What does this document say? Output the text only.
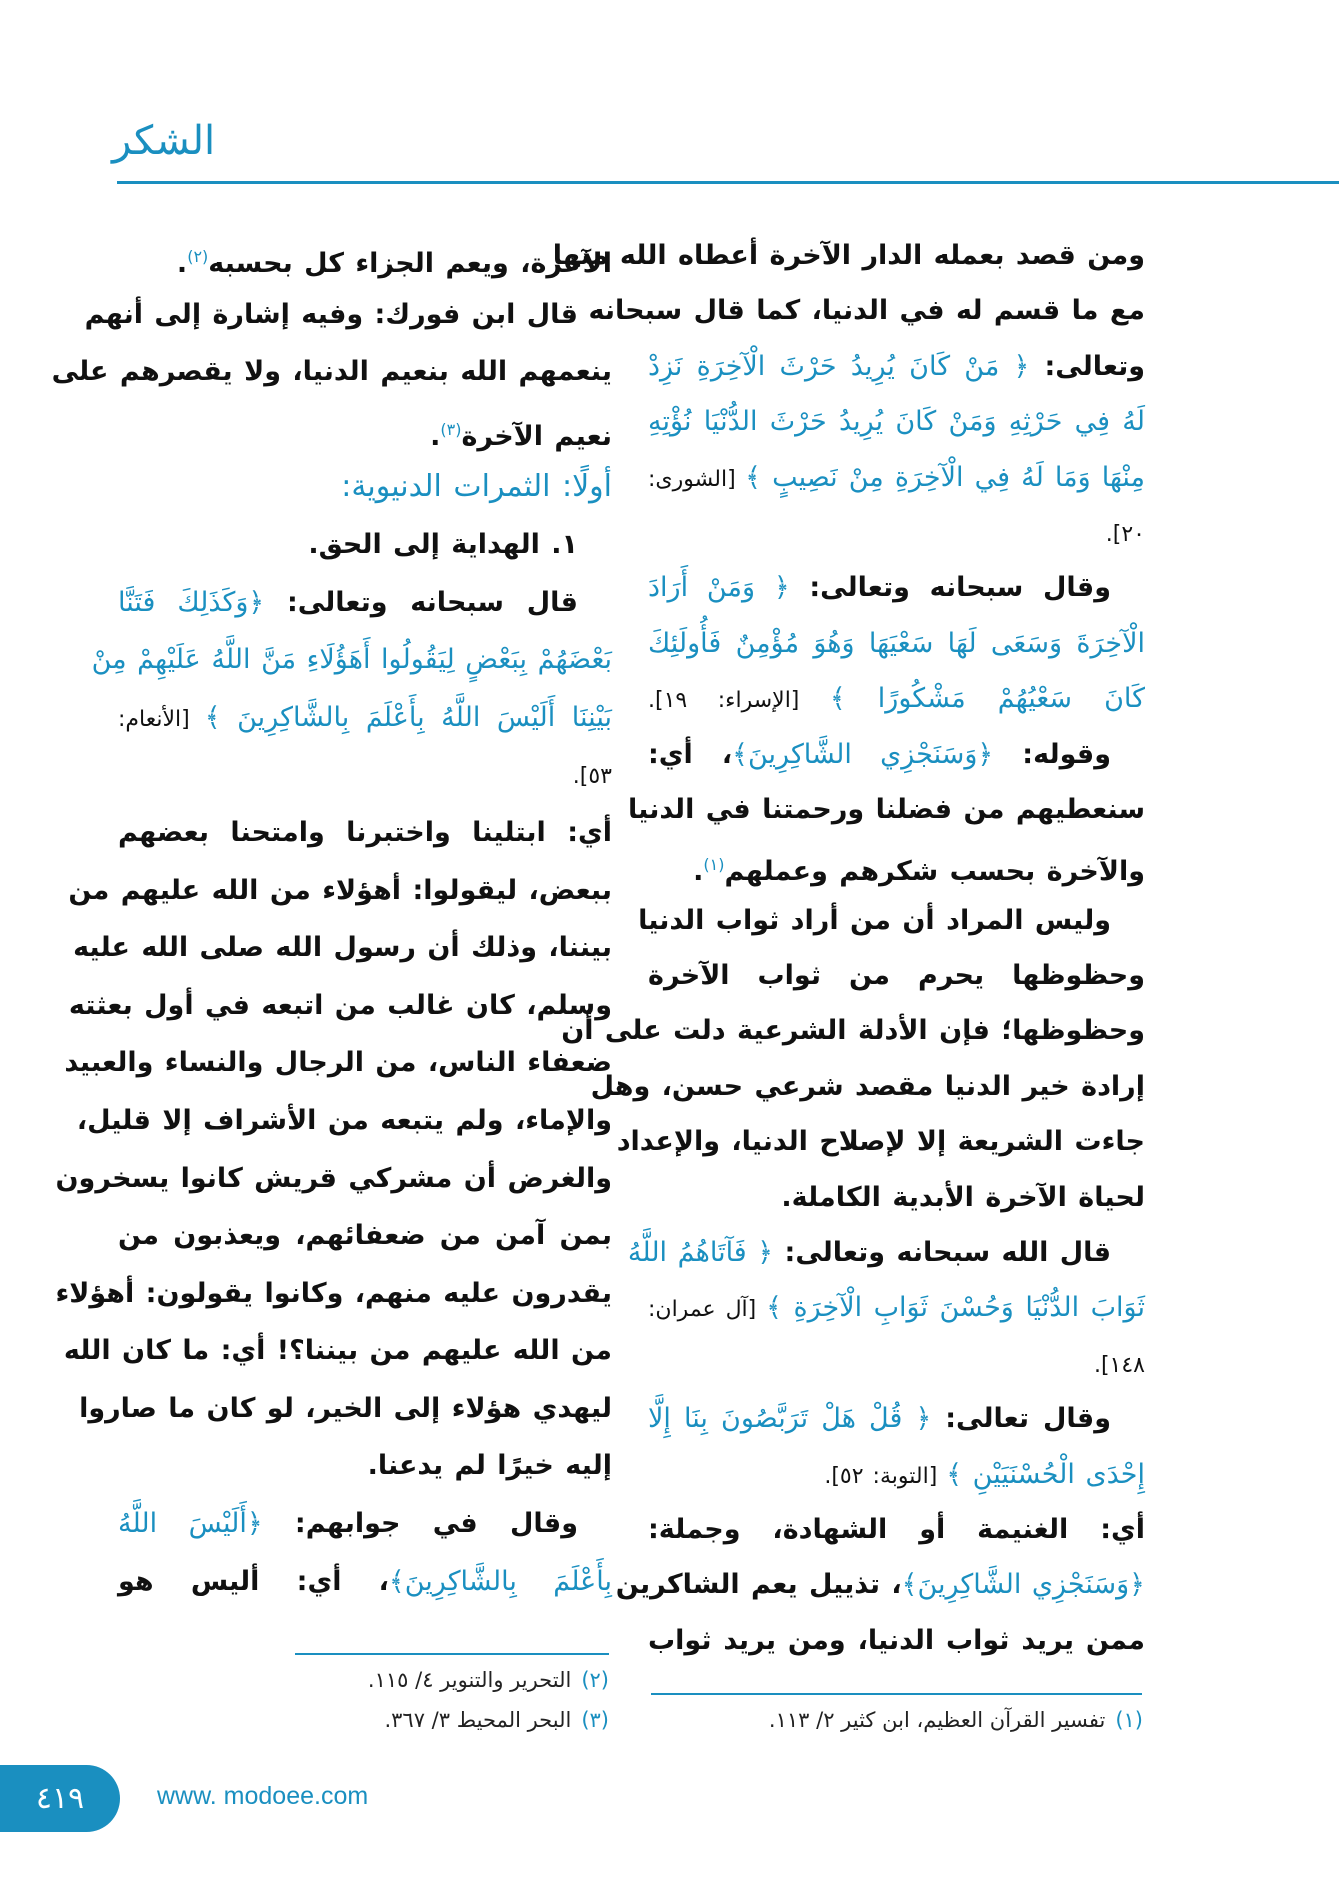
الشكر
ومن قصد بعمله الدار الآخرة أعطاه الله منها
مع ما قسم له في الدنيا، كما قال سبحانه
وتعالى: ﴿ مَنْ كَانَ يُرِيدُ حَرْثَ الْآخِرَةِ نَزِدْ
لَهُ فِي حَرْثِهِ وَمَنْ كَانَ يُرِيدُ حَرْثَ الدُّنْيَا نُؤْتِهِ
مِنْهَا وَمَا لَهُ فِي الْآخِرَةِ مِنْ نَصِيبٍ ﴾ [الشورى:
٢٠].
وقال سبحانه وتعالى: ﴿ وَمَنْ أَرَادَ
الْآخِرَةَ وَسَعَى لَهَا سَعْيَهَا وَهُوَ مُؤْمِنٌ فَأُولَئِكَ
كَانَ سَعْيُهُمْ مَشْكُورًا ﴾ [الإسراء: ١٩].
وقوله: ﴿وَسَنَجْزِي الشَّاكِرِينَ﴾، أي:
سنعطيهم من فضلنا ورحمتنا في الدنيا
والآخرة بحسب شكرهم وعملهم$^{(١)}$.
وليس المراد أن من أراد ثواب الدنيا
وحظوظها يحرم من ثواب الآخرة
وحظوظها؛ فإن الأدلة الشرعية دلت على أن
إرادة خير الدنيا مقصد شرعي حسن، وهل
جاءت الشريعة إلا لإصلاح الدنيا، والإعداد
لحياة الآخرة الأبدية الكاملة.
قال الله سبحانه وتعالى: ﴿ فَآتَاهُمُ اللَّهُ
ثَوَابَ الدُّنْيَا وَحُسْنَ ثَوَابِ الْآخِرَةِ ﴾ [آل عمران:
١٤٨].
وقال تعالى: ﴿ قُلْ هَلْ تَرَبَّصُونَ بِنَا إِلَّا
إِحْدَى الْحُسْنَيَيْنِ ﴾ [التوبة: ٥٢].
أي: الغنيمة أو الشهادة، وجملة:
﴿وَسَنَجْزِي الشَّاكِرِينَ﴾، تذييل يعم الشاكرين
ممن يريد ثواب الدنيا، ومن يريد ثواب
الآخرة، ويعم الجزاء كل بحسبه$^{(٢)}$.
قال ابن فورك: وفيه إشارة إلى أنهم
ينعمهم الله بنعيم الدنيا، ولا يقصرهم على
نعيم الآخرة$^{(٣)}$.
أولًا: الثمرات الدنيوية:
١. الهداية إلى الحق.
قال سبحانه وتعالى: ﴿وَكَذَلِكَ فَتَنَّا
بَعْضَهُمْ بِبَعْضٍ لِيَقُولُوا أَهَؤُلَاءِ مَنَّ اللَّهُ عَلَيْهِمْ مِنْ
بَيْنِنَا أَلَيْسَ اللَّهُ بِأَعْلَمَ بِالشَّاكِرِينَ ﴾ [الأنعام:
٥٣].
أي: ابتلينا واختبرنا وامتحنا بعضهم
ببعض، ليقولوا: أهؤلاء من الله عليهم من
بيننا، وذلك أن رسول الله صلى الله عليه
وسلم، كان غالب من اتبعه في أول بعثته
ضعفاء الناس، من الرجال والنساء والعبيد
والإماء، ولم يتبعه من الأشراف إلا قليل،
والغرض أن مشركي قريش كانوا يسخرون
بمن آمن من ضعفائهم، ويعذبون من
يقدرون عليه منهم، وكانوا يقولون: أهؤلاء
من الله عليهم من بيننا؟! أي: ما كان الله
ليهدي هؤلاء إلى الخير، لو كان ما صاروا
إليه خيرًا لم يدعنا.
وقال في جوابهم: ﴿أَلَيْسَ اللَّهُ
بِأَعْلَمَ بِالشَّاكِرِينَ﴾، أي: أليس هو
(٢)التحرير والتنوير ٤/ ١١٥.
(٣)البحر المحيط ٣/ ٣٦٧.	(١)تفسير القرآن العظيم، ابن كثير ٢/ ١١٣.
٤١٩	www. modoee.com
